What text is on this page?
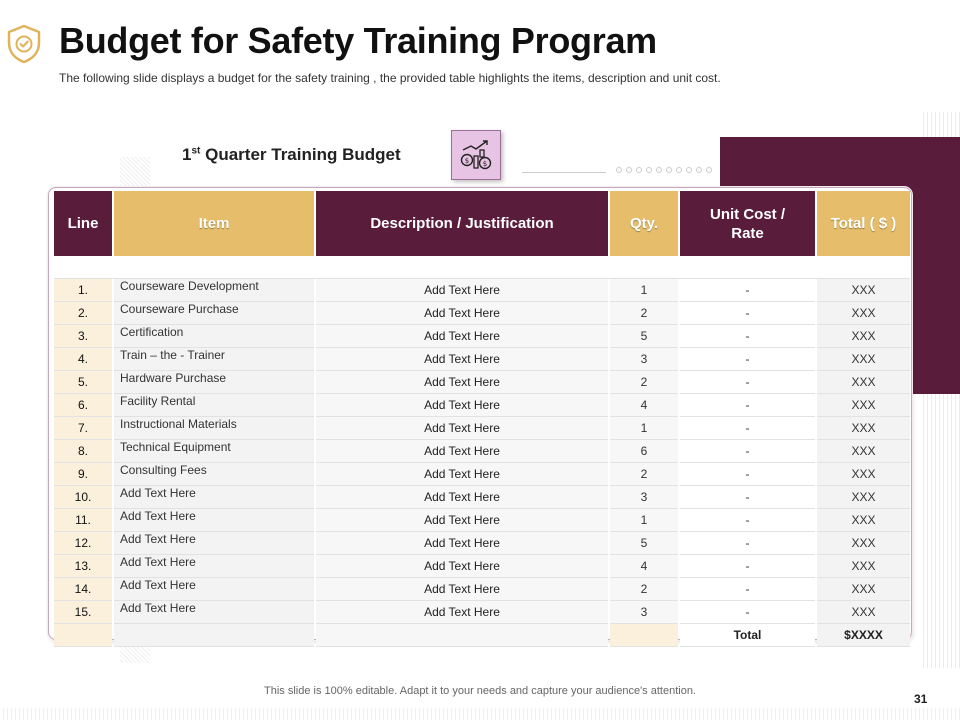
Budget for Safety Training Program

The following slide displays a budget for the safety training , the provided table highlights the items, description and unit cost.

1st Quarter Training Budget	$ $
Line	Item	Description / Justification	Qty.	Unit Cost / Rate	Total ( $ )

1.	Courseware Development	Add Text Here	1	-	XXX
2.	Courseware Purchase	Add Text Here	2	-	XXX
3.	Certification	Add Text Here	5	-	XXX
4.	Train – the - Trainer	Add Text Here	3	-	XXX
5.	Hardware Purchase	Add Text Here	2	-	XXX
6.	Facility Rental	Add Text Here	4	-	XXX
7.	Instructional Materials	Add Text Here	1	-	XXX
8.	Technical Equipment	Add Text Here	6	-	XXX
9.	Consulting Fees	Add Text Here	2	-	XXX
10.	Add Text Here	Add Text Here	3	-	XXX
11.	Add Text Here	Add Text Here	1	-	XXX
12.	Add Text Here	Add Text Here	5	-	XXX
13.	Add Text Here	Add Text Here	4	-	XXX
14.	Add Text Here	Add Text Here	2	-	XXX
15.	Add Text Here	Add Text Here	3	-	XXX
				Total	$XXXX

This slide is 100% editable. Adapt it to your needs and capture your audience's attention.

31
